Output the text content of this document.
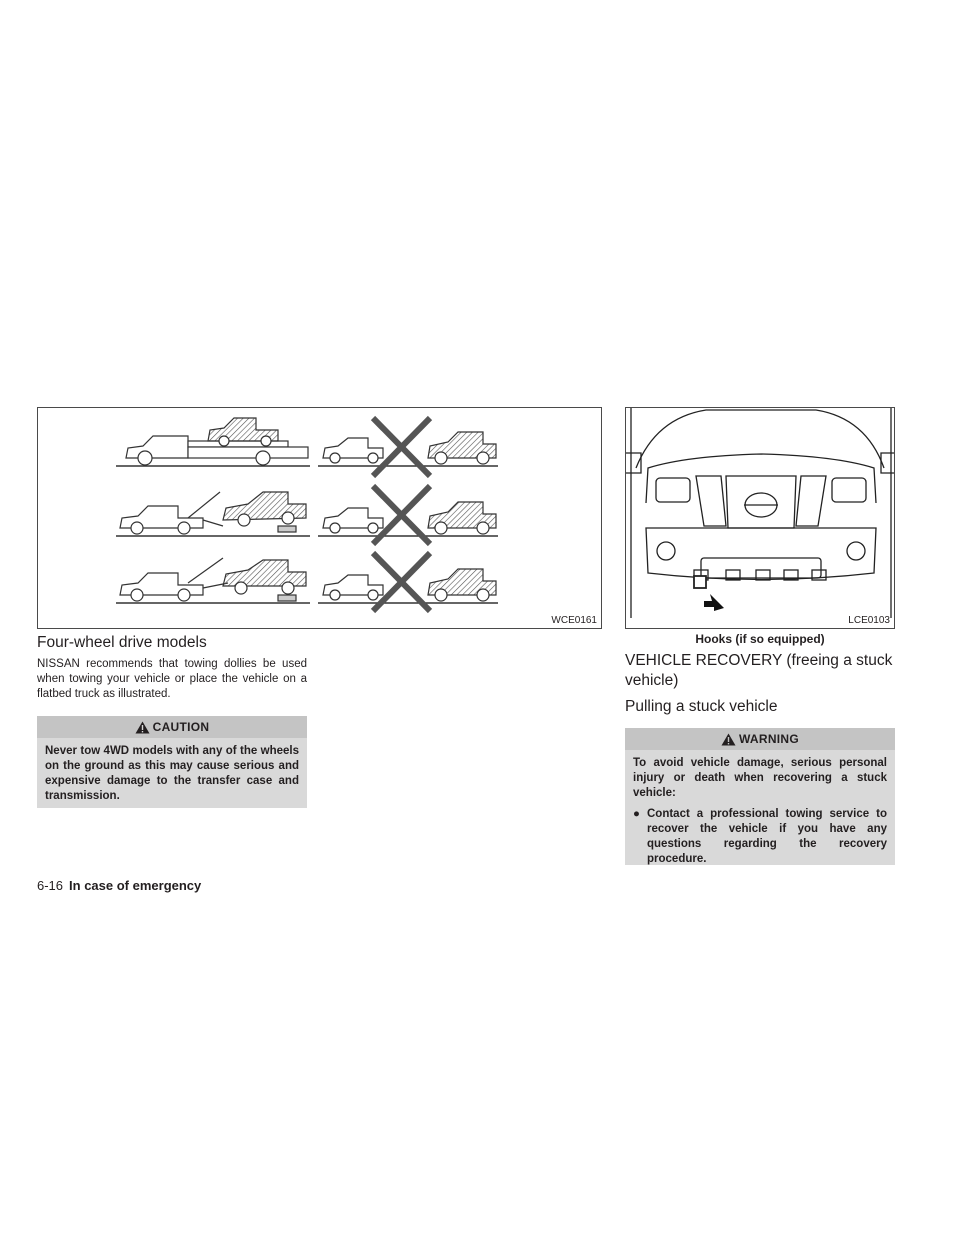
WCE0161	LCE0103
Hooks (if so equipped)
Four-wheel drive models

NISSAN recommends that towing dollies be used when towing your vehicle or place the vehicle on a flatbed truck as illustrated.

CAUTION

Never tow 4WD models with any of the wheels on the ground as this may cause serious and expensive damage to the transfer case and transmission.

VEHICLE RECOVERY (freeing a stuck vehicle)
Pulling a stuck vehicle
WARNING

To avoid vehicle damage, serious personal injury or death when recovering a stuck vehicle:

● Contact a professional towing service to recover the vehicle if you have any questions regarding the recovery procedure.
6-16 In case of emergency
